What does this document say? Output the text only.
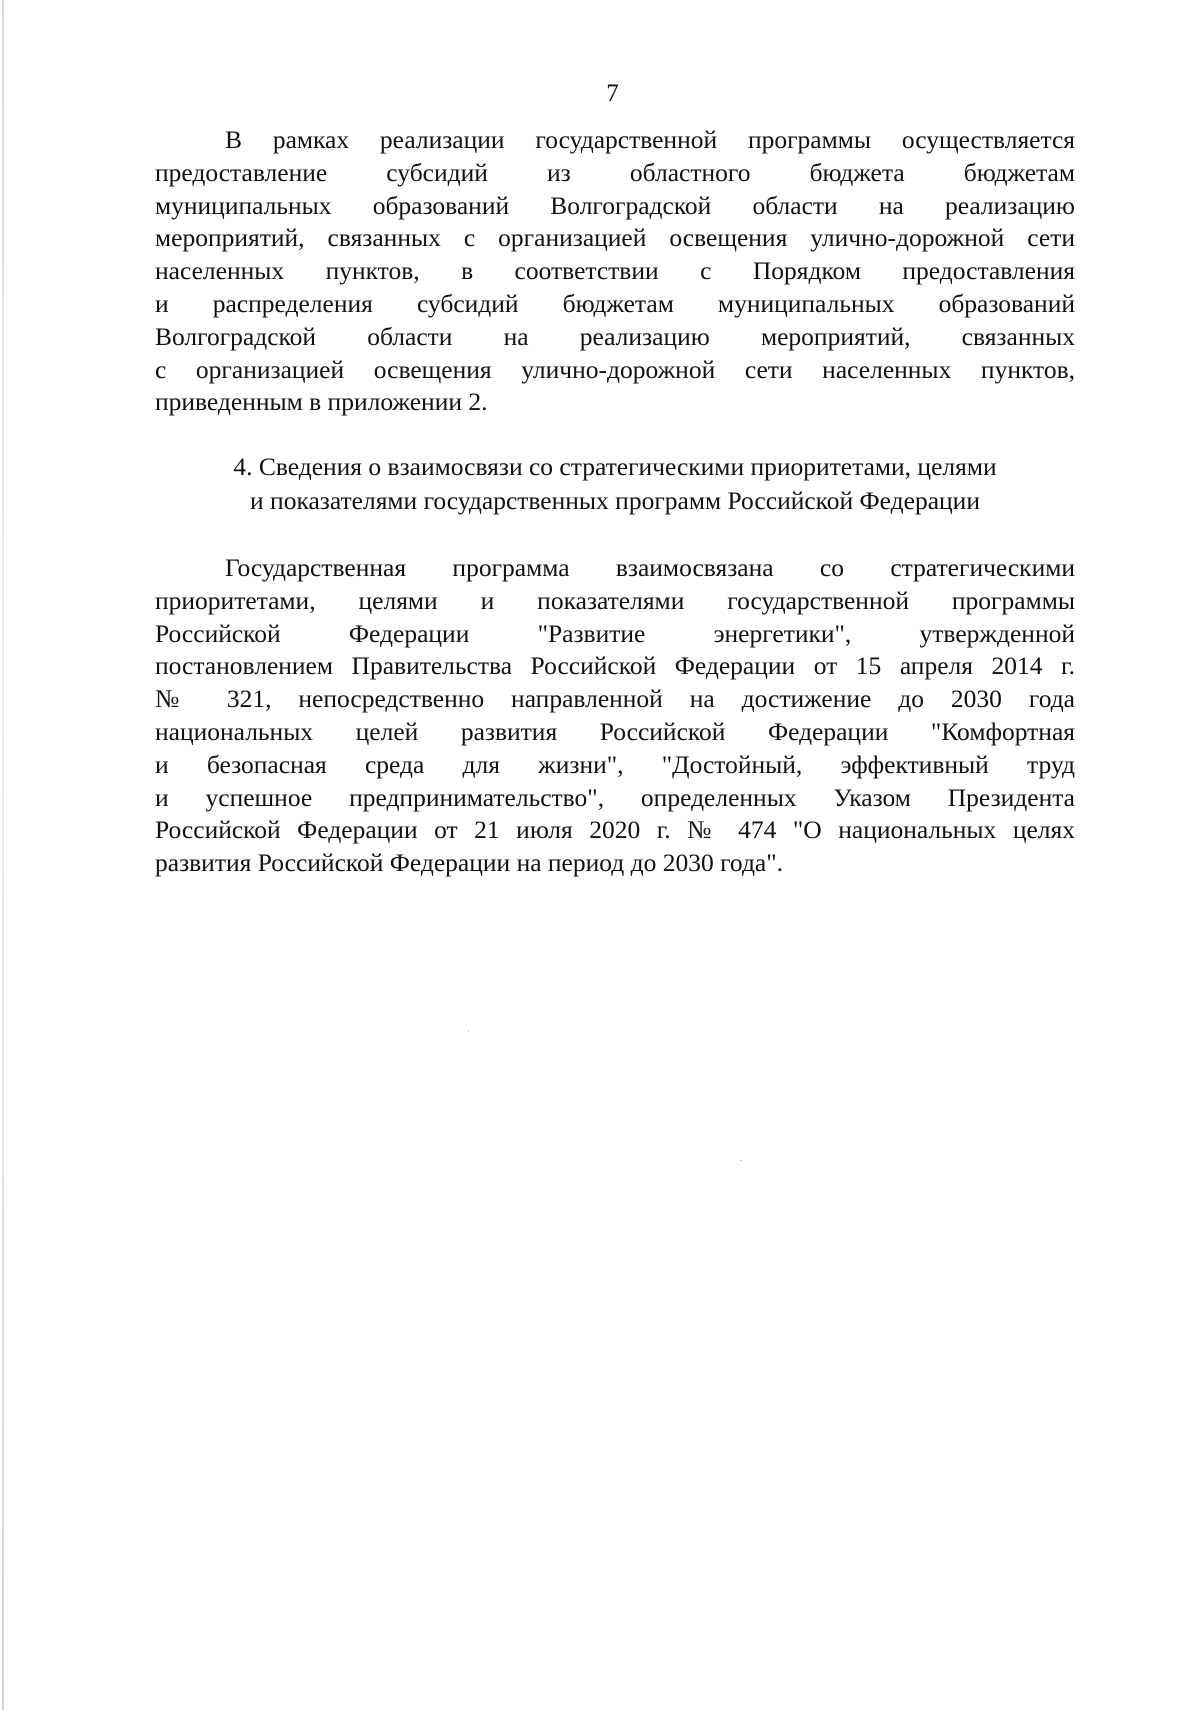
7
В рамках реализации государственной программы осуществляется
предоставление субсидий из областного бюджета бюджетам
муниципальных образований Волгоградской области на реализацию
мероприятий, связанных с организацией освещения улично-дорожной сети
населенных пунктов, в соответствии с Порядком предоставления
и распределения субсидий бюджетам муниципальных образований
Волгоградской области на реализацию мероприятий, связанных
с организацией освещения улично-дорожной сети населенных пунктов,
приведенным в приложении 2.
4. Сведения о взаимосвязи со стратегическими приоритетами, целями
и показателями государственных программ Российской Федерации
Государственная программа взаимосвязана со стратегическими
приоритетами, целями и показателями государственной программы
Российской Федерации "Развитие энергетики", утвержденной
постановлением Правительства Российской Федерации от 15 апреля 2014 г.
№ 321, непосредственно направленной на достижение до 2030 года
национальных целей развития Российской Федерации "Комфортная
и безопасная среда для жизни", "Достойный, эффективный труд
и успешное предпринимательство", определенных Указом Президента
Российской Федерации от 21 июля 2020 г. № 474 "О национальных целях
развития Российской Федерации на период до 2030 года".
